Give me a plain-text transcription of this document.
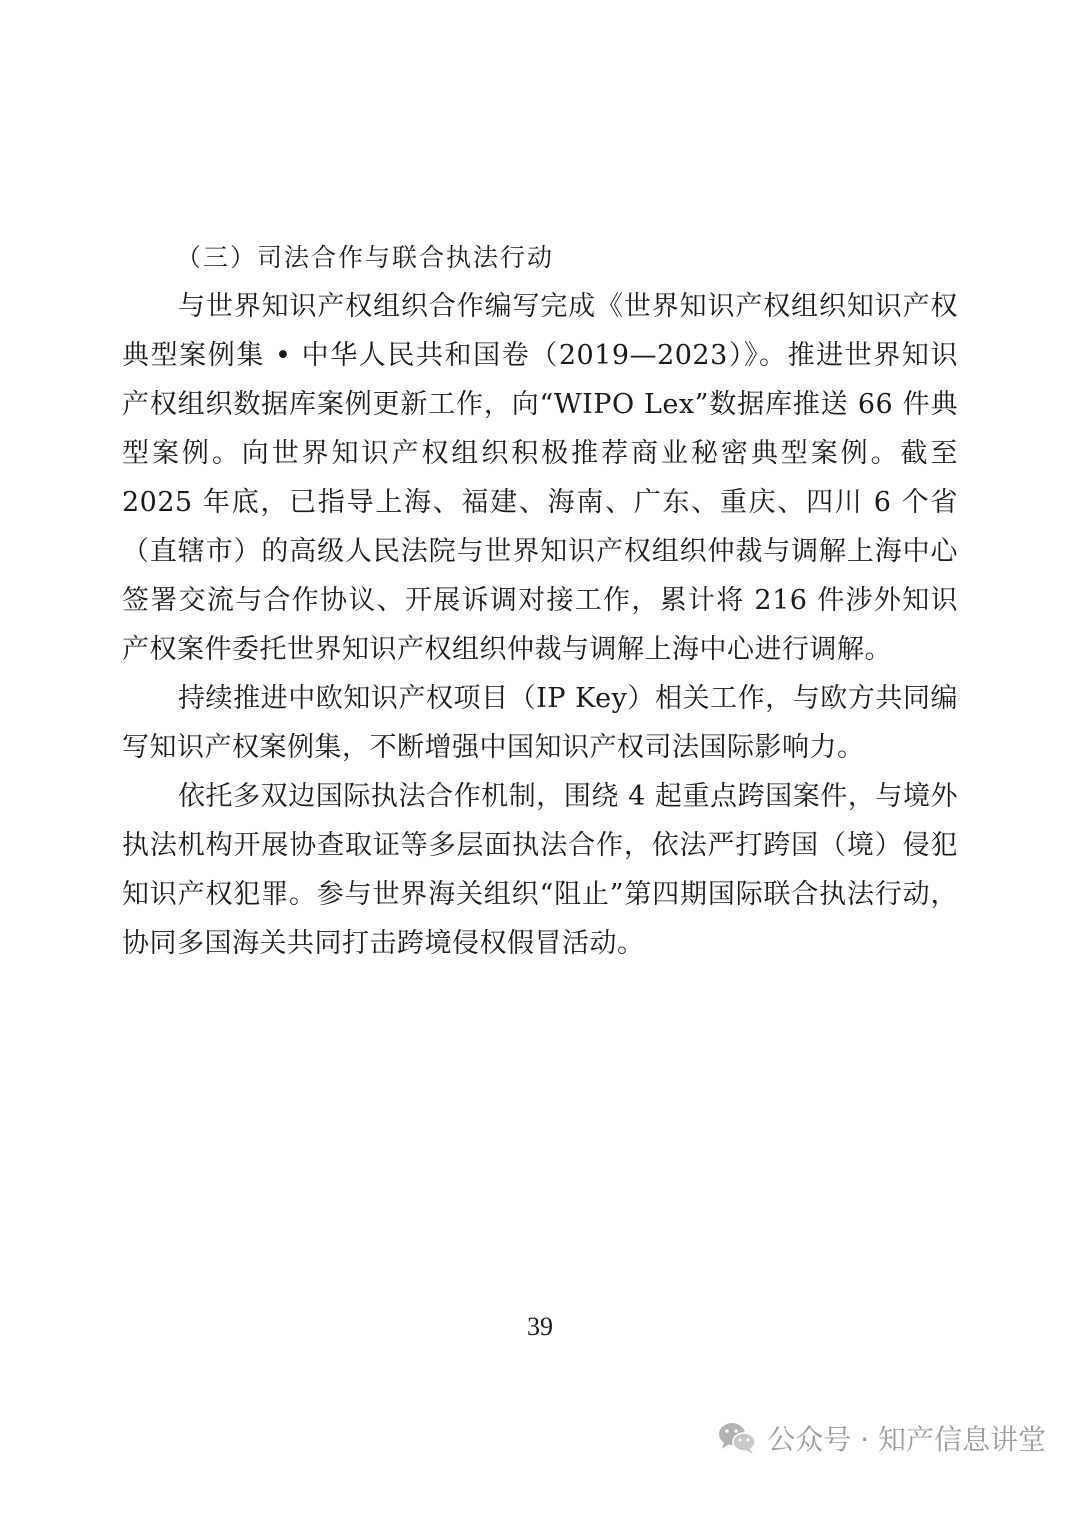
（三）司法合作与联合执法行动

与世界知识产权组织合作编写完成《世界知识产权组织知识产权典型案例集 • 中华人民共和国卷（2019—2023）》。推进世界知识产权组织数据库案例更新工作，向“WIPO Lex”数据库推送 66 件典型案例。向世界知识产权组织积极推荐商业秘密典型案例。截至 2025 年底，已指导上海、福建、海南、广东、重庆、四川 6 个省（直辖市）的高级人民法院与世界知识产权组织仲裁与调解上海中心签署交流与合作协议、开展诉调对接工作，累计将 216 件涉外知识产权案件委托世界知识产权组织仲裁与调解上海中心进行调解。

持续推进中欧知识产权项目（IP Key）相关工作，与欧方共同编写知识产权案例集，不断增强中国知识产权司法国际影响力。

依托多双边国际执法合作机制，围绕 4 起重点跨国案件，与境外执法机构开展协查取证等多层面执法合作，依法严打跨国（境）侵犯知识产权犯罪。参与世界海关组织“阻止”第四期国际联合执法行动，协同多国海关共同打击跨境侵权假冒活动。

39
公众号 · 知产信息讲堂
